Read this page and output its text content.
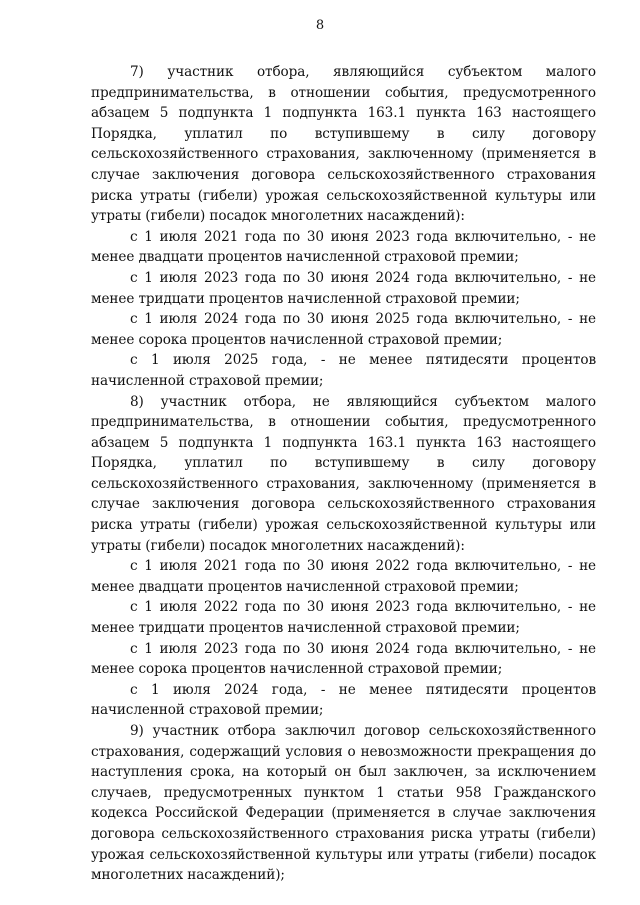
8

7) участник отбора, являющийся субъектом малого предпринимательства, в отношении события, предусмотренного абзацем 5 подпункта 1 подпункта 163.1 пункта 163 настоящего Порядка, уплатил по вступившему в силу договору сельскохозяйственного страхования, заключенному (применяется в случае заключения договора сельскохозяйственного страхования риска утраты (гибели) урожая сельскохозяйственной культуры или утраты (гибели) посадок многолетних насаждений):

с 1 июля 2021 года по 30 июня 2023 года включительно, - не менее двадцати процентов начисленной страховой премии;

с 1 июля 2023 года по 30 июня 2024 года включительно, - не менее тридцати процентов начисленной страховой премии;

с 1 июля 2024 года по 30 июня 2025 года включительно, - не менее сорока процентов начисленной страховой премии;

с 1 июля 2025 года, - не менее пятидесяти процентов начисленной страховой премии;

8) участник отбора, не являющийся субъектом малого предпринимательства, в отношении события, предусмотренного абзацем 5 подпункта 1 подпункта 163.1 пункта 163 настоящего Порядка, уплатил по вступившему в силу договору сельскохозяйственного страхования, заключенному (применяется в случае заключения договора сельскохозяйственного страхования риска утраты (гибели) урожая сельскохозяйственной культуры или утраты (гибели) посадок многолетних насаждений):

с 1 июля 2021 года по 30 июня 2022 года включительно, - не менее двадцати процентов начисленной страховой премии;

с 1 июля 2022 года по 30 июня 2023 года включительно, - не менее тридцати процентов начисленной страховой премии;

с 1 июля 2023 года по 30 июня 2024 года включительно, - не менее сорока процентов начисленной страховой премии;

с 1 июля 2024 года, - не менее пятидесяти процентов начисленной страховой премии;

9) участник отбора заключил договор сельскохозяйственного страхования, содержащий условия о невозможности прекращения до наступления срока, на который он был заключен, за исключением случаев, предусмотренных пунктом 1 статьи 958 Гражданского кодекса Российской Федерации (применяется в случае заключения договора сельскохозяйственного страхования риска утраты (гибели) урожая сельскохозяйственной культуры или утраты (гибели) посадок многолетних насаждений);
